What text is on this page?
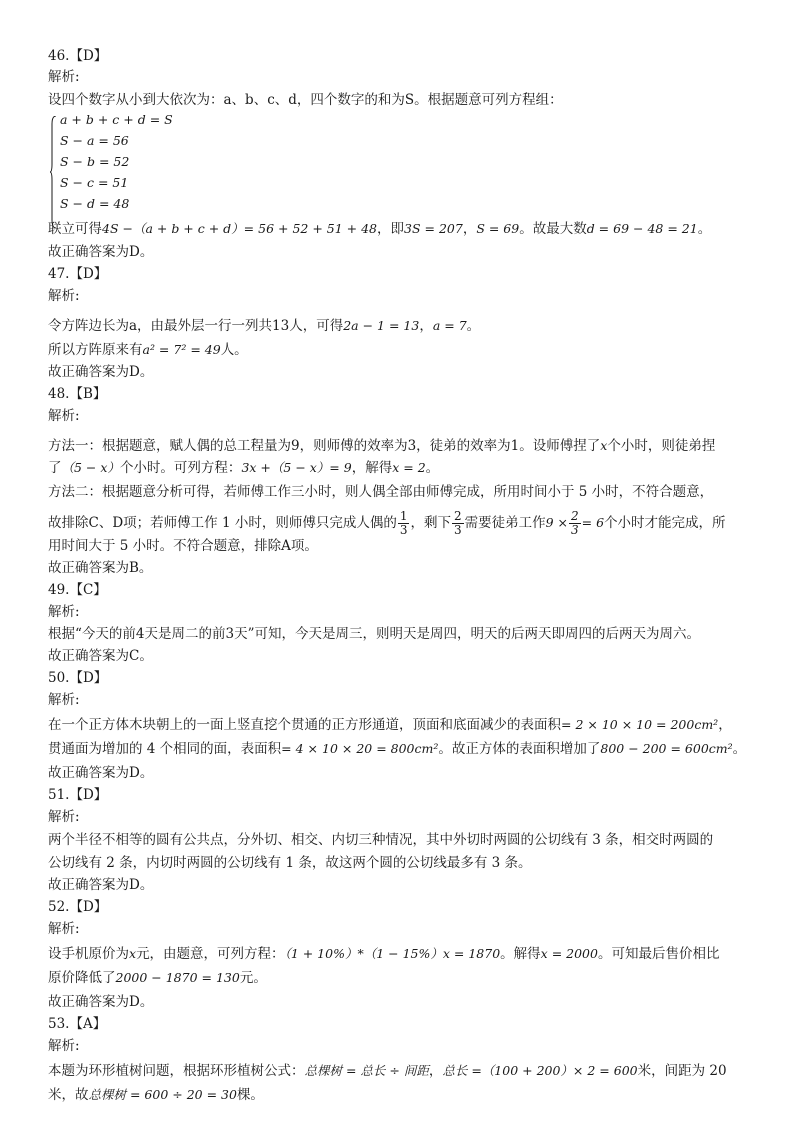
46.【D】
解析:
设四个数字从小到大依次为：a、b、c、d，四个数字的和为S。根据题意可列方程组：
a + b + c + d = S
S − a = 56
S − b = 52
S − c = 51
S − d = 48
联立可得4S −（a + b + c + d）= 56 + 52 + 51 + 48，即3S = 207，S = 69。故最大数d = 69 − 48 = 21。
故正确答案为D。
47.【D】
解析:
令方阵边长为a，由最外层一行一列共13人，可得2a − 1 = 13，a = 7。
所以方阵原来有a² = 7² = 49人。
故正确答案为D。
48.【B】
解析:
方法一：根据题意，赋人偶的总工程量为9，则师傅的效率为3，徒弟的效率为1。设师傅捏了x个小时，则徒弟捏
了（5 − x）个小时。可列方程：3x +（5 − x）= 9，解得x = 2。
方法二：根据题意分析可得，若师傅工作三小时，则人偶全部由师傅完成，所用时间小于 5 小时，不符合题意，
故排除C、D项；若师傅工作 1 小时，则师傅只完成人偶的 $\frac{1}{3}$ ，剩下 $\frac{2}{3}$ 需要徒弟工作$9 \times \frac{2}{3} = 6$个小时才能完成，所
用时间大于 5 小时。不符合题意，排除A项。
故正确答案为B。
49.【C】
解析:
根据“今天的前4天是周二的前3天”可知，今天是周三，则明天是周四，明天的后两天即周四的后两天为周六。
故正确答案为C。
50.【D】
解析:
在一个正方体木块朝上的一面上竖直挖个贯通的正方形通道，顶面和底面减少的表面积= 2 × 10 × 10 = 200cm²，
贯通面为增加的 4 个相同的面，表面积= 4 × 10 × 20 = 800cm²。故正方体的表面积增加了800 − 200 = 600cm²。
故正确答案为D。
51.【D】
解析:
两个半径不相等的圆有公共点，分外切、相交、内切三种情况，其中外切时两圆的公切线有 3 条，相交时两圆的
公切线有 2 条，内切时两圆的公切线有 1 条，故这两个圆的公切线最多有 3 条。
故正确答案为D。
52.【D】
解析:
设手机原价为x元，由题意，可列方程：（1 + 10%）*（1 − 15%）x = 1870。解得x = 2000。可知最后售价相比
原价降低了2000 − 1870 = 130元。
故正确答案为D。
53.【A】
解析:
本题为环形植树问题，根据环形植树公式：总棵树 = 总长 ÷ 间距，总长 =（100 + 200）× 2 = 600米，间距为 20
米，故总棵树 = 600 ÷ 20 = 30棵。
